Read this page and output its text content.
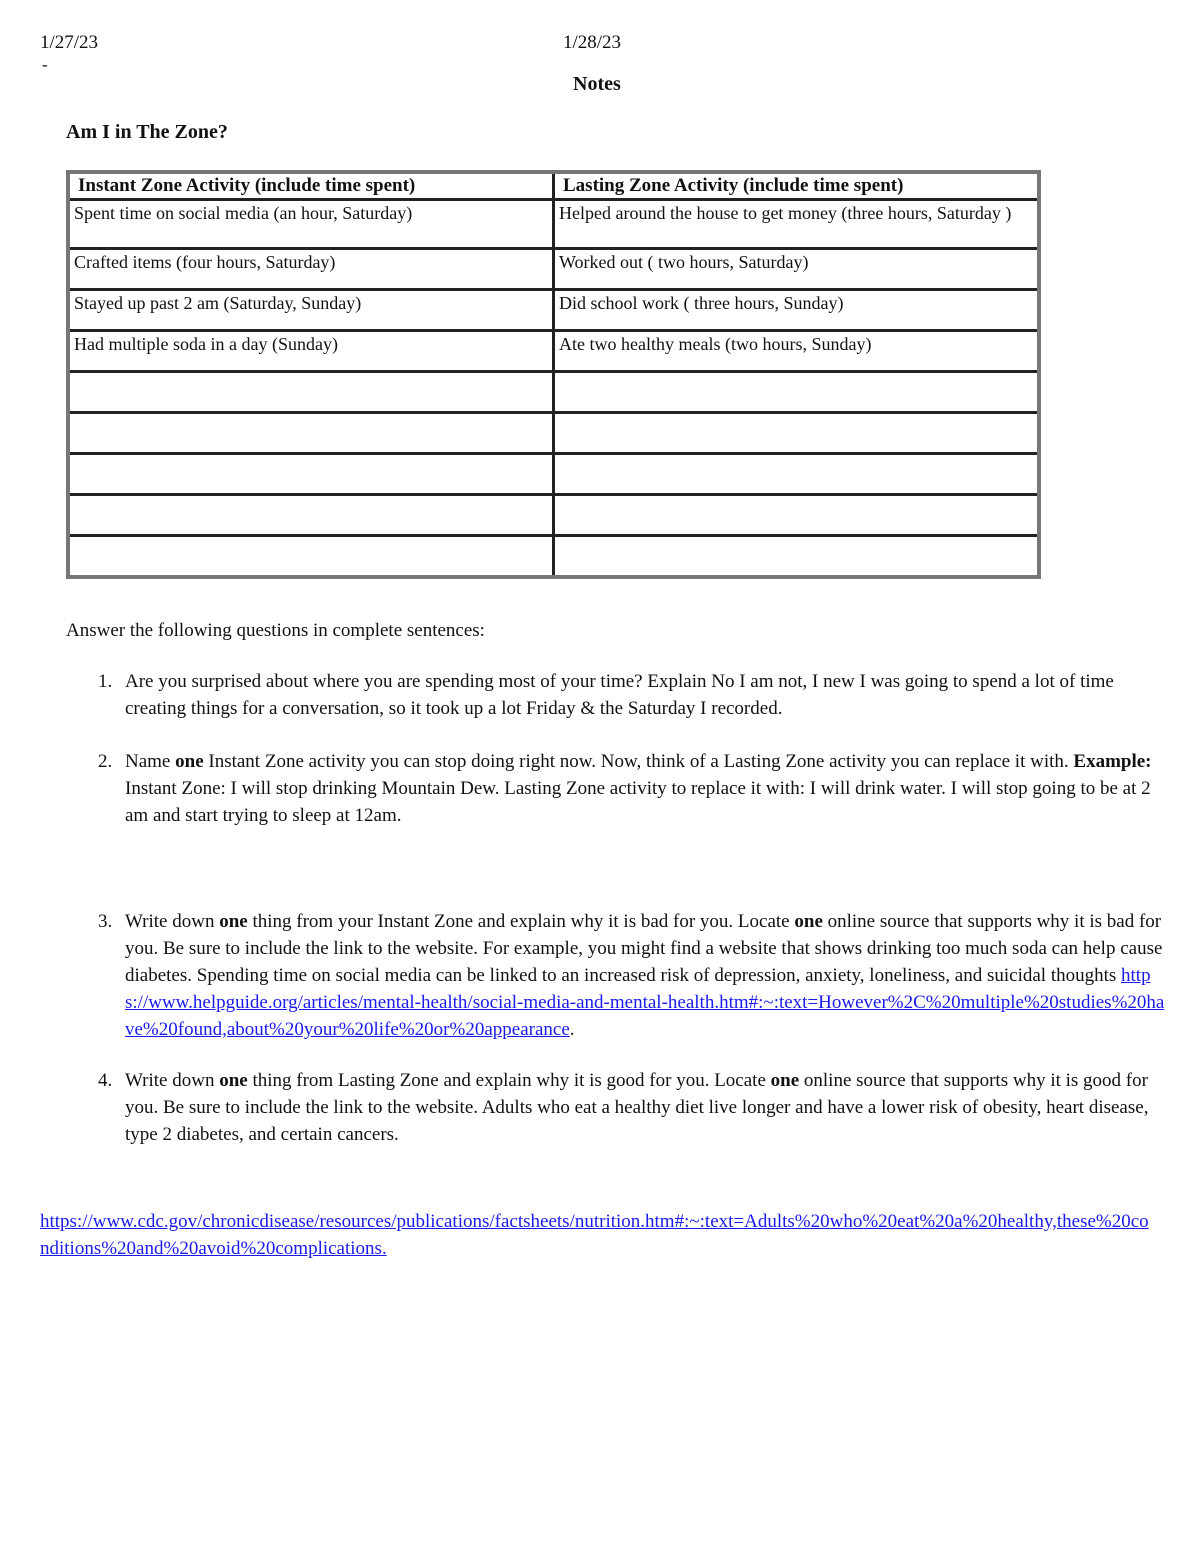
1/27/23	1/28/23
-
Notes
Am I in The Zone?
Instant Zone Activity (include time spent)	Lasting Zone Activity (include time spent)
Spent time on social media (an hour, Saturday)	Helped around the house to get money (three hours, Saturday )
Crafted items (four hours, Saturday)	Worked out ( two hours, Saturday)
Stayed up past 2 am (Saturday, Sunday)	Did school work ( three hours, Sunday)
Had multiple soda in a day (Sunday)	Ate two healthy meals (two hours, Sunday)

Answer the following questions in complete sentences:
1. Are you surprised about where you are spending most of your time? Explain No I am not, I new I was going to spend a lot of time creating things for a conversation, so it took up a lot Friday & the Saturday I recorded.
2. Name one Instant Zone activity you can stop doing right now. Now, think of a Lasting Zone activity you can replace it with. Example: Instant Zone: I will stop drinking Mountain Dew. Lasting Zone activity to replace it with: I will drink water. I will stop going to be at 2 am and start trying to sleep at 12am.
3. Write down one thing from your Instant Zone and explain why it is bad for you. Locate one online source that supports why it is bad for you. Be sure to include the link to the website. For example, you might find a website that shows drinking too much soda can help cause diabetes. Spending time on social media can be linked to an increased risk of depression, anxiety, loneliness, and suicidal thoughts https://www.helpguide.org/articles/mental-health/social-media-and-mental-health.htm#:~:text=However%2C%20multiple%20studies%20have%20found,about%20your%20life%20or%20appearance.
4. Write down one thing from Lasting Zone and explain why it is good for you. Locate one online source that supports why it is good for you. Be sure to include the link to the website. Adults who eat a healthy diet live longer and have a lower risk of obesity, heart disease, type 2 diabetes, and certain cancers.
https://www.cdc.gov/chronicdisease/resources/publications/factsheets/nutrition.htm#:~:text=Adults%20who%20eat%20a%20healthy,these%20conditions%20and%20avoid%20complications.
